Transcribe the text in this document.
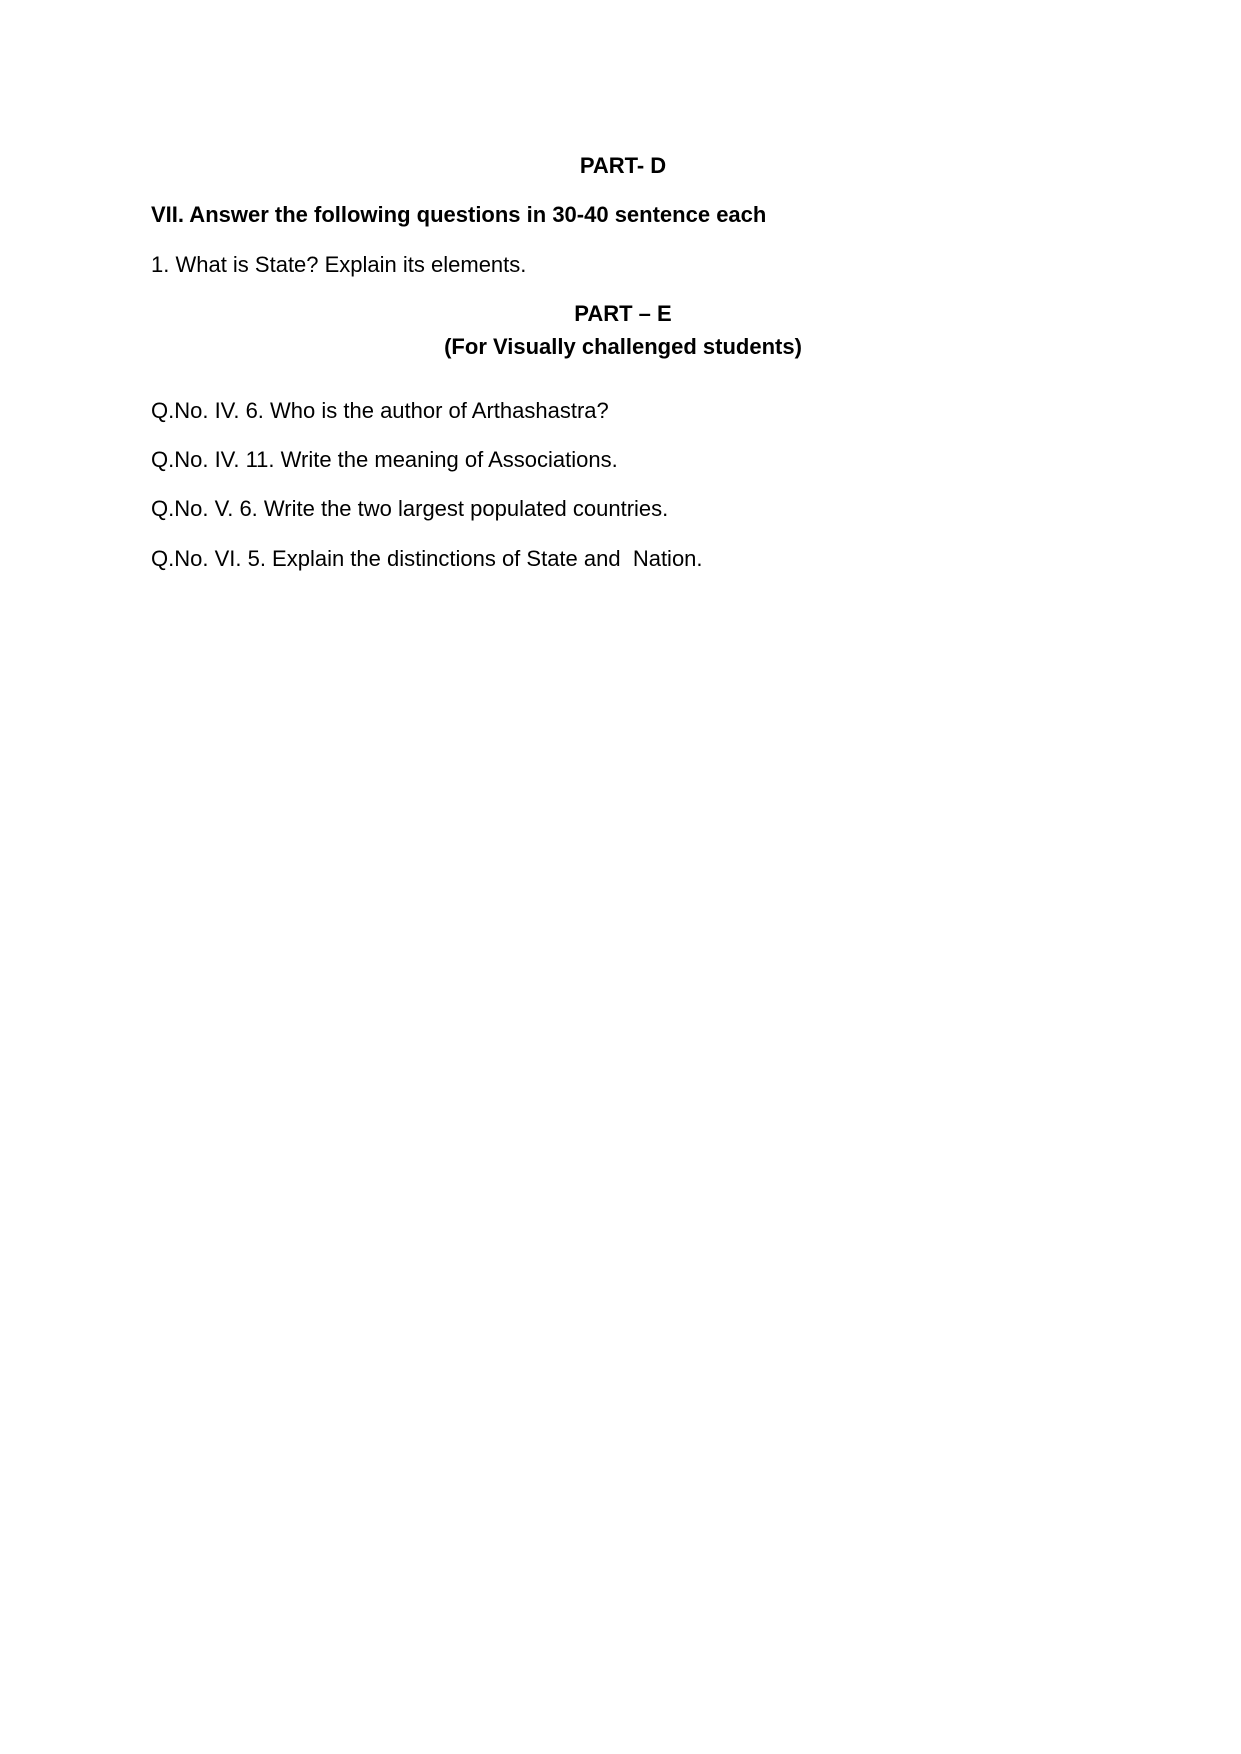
PART- D

VII. Answer the following questions in 30-40 sentence each

1. What is State? Explain its elements.

PART – E

(For Visually challenged students)

Q.No. IV. 6. Who is the author of Arthashastra?

Q.No. IV. 11. Write the meaning of Associations.

Q.No. V. 6. Write the two largest populated countries.

Q.No. VI. 5. Explain the distinctions of State and  Nation.
